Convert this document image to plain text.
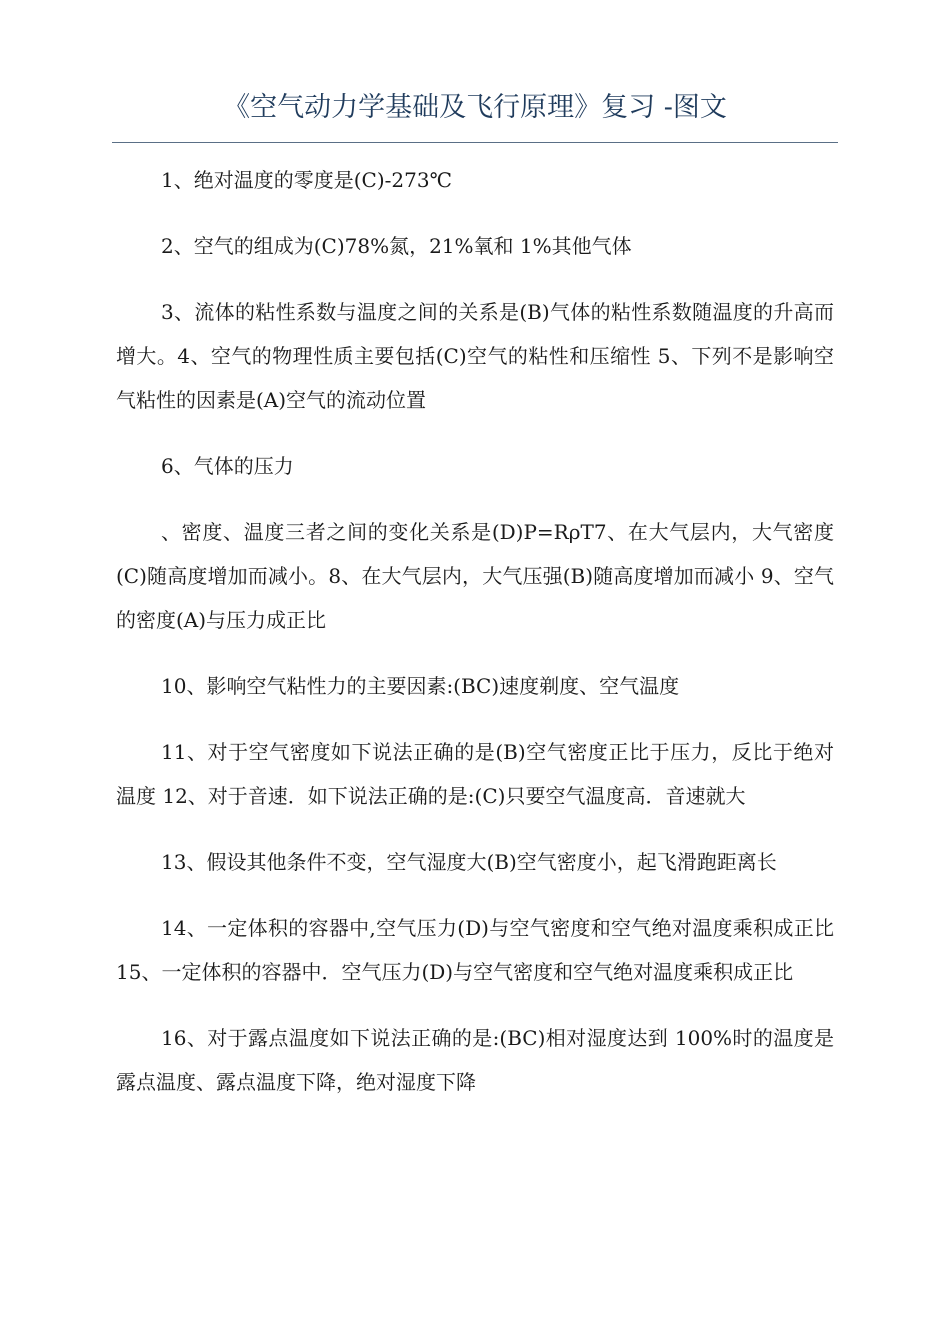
《空气动力学基础及飞行原理》复习 -图文

1、绝对温度的零度是(C)-273℃

2、空气的组成为(C)78%氮，21%氧和 1%其他气体

3、流体的粘性系数与温度之间的关系是(B)气体的粘性系数随温度的升高而增大。4、空气的物理性质主要包括(C)空气的粘性和压缩性 5、下列不是影响空气粘性的因素是(A)空气的流动位置

6、气体的压力

、密度、温度三者之间的变化关系是(D)P=RρT7、在大气层内，大气密度(C)随高度增加而减小。8、在大气层内，大气压强(B)随高度增加而减小 9、空气的密度(A)与压力成正比

10、影响空气粘性力的主要因素:(BC)速度剃度、空气温度

11、对于空气密度如下说法正确的是(B)空气密度正比于压力，反比于绝对温度 12、对于音速．如下说法正确的是:(C)只要空气温度高．音速就大

13、假设其他条件不变，空气湿度大(B)空气密度小，起飞滑跑距离长

14、一定体积的容器中,空气压力(D)与空气密度和空气绝对温度乘积成正比 15、一定体积的容器中．空气压力(D)与空气密度和空气绝对温度乘积成正比

16、对于露点温度如下说法正确的是:(BC)相对湿度达到 100%时的温度是露点温度、露点温度下降，绝对湿度下降
